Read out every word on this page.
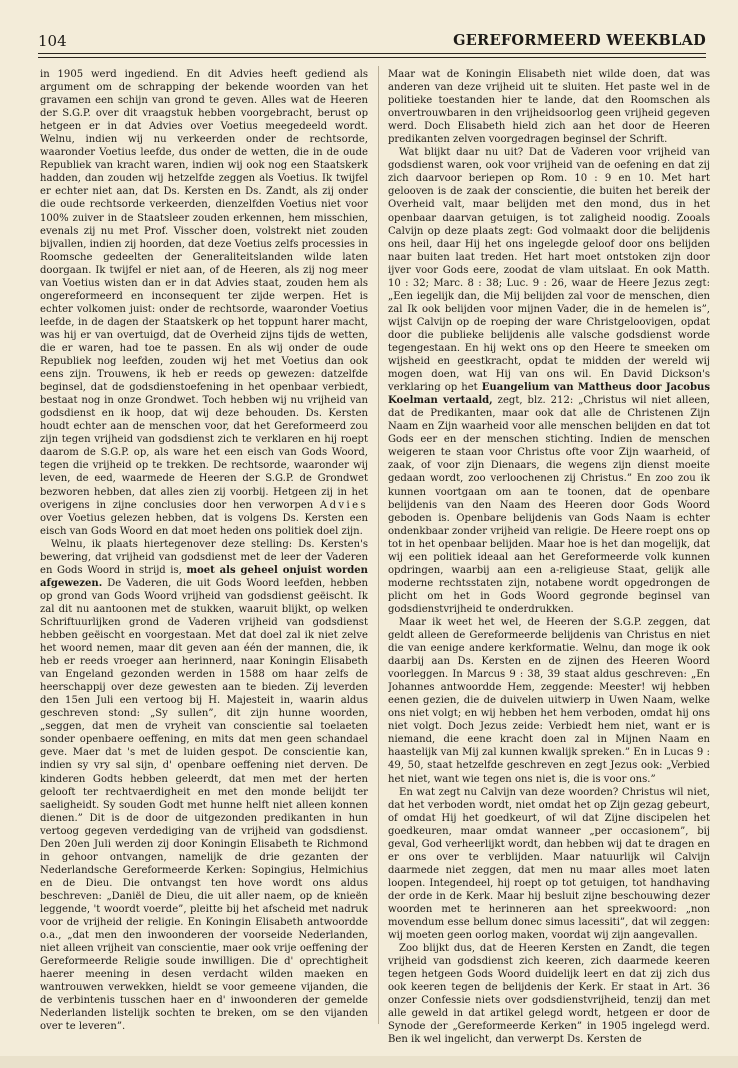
104	GEREFORMEERD WEEKBLAD

in 1905 werd ingediend. En dit Advies heeft gediend als argument om de schrapping der bekende woorden van het gravamen een schijn van grond te geven. Alles wat de Heeren der S.G.P. over dit vraagstuk hebben voorgebracht, berust op hetgeen er in dat Advies over Voetius meegedeeld wordt. Welnu, indien wij nu verkeerden onder de rechtsorde, waaronder Voetius leefde, dus onder de wetten, die in de oude Republiek van kracht waren, indien wij ook nog een Staatskerk hadden, dan zouden wij hetzelfde zeggen als Voetius. Ik twijfel er echter niet aan, dat Ds. Kersten en Ds. Zandt, als zij onder die oude rechtsorde verkeerden, dienzelfden Voetius niet voor 100% zuiver in de Staatsleer zouden erkennen, hem misschien, evenals zij nu met Prof. Visscher doen, volstrekt niet zouden bijvallen, indien zij hoorden, dat deze Voetius zelfs processies in Roomsche gedeelten der Generaliteitslanden wilde laten doorgaan. Ik twijfel er niet aan, of de Heeren, als zij nog meer van Voetius wisten dan er in dat Advies staat, zouden hem als ongereformeerd en inconsequent ter zijde werpen. Het is echter volkomen juist: onder de rechtsorde, waaronder Voetius leefde, in de dagen der Staatskerk op het toppunt harer macht, was hij er van overtuigd, dat de Overheid zijns tijds de wetten, die er waren, had toe te passen. En als wij onder de oude Republiek nog leefden, zouden wij het met Voetius dan ook eens zijn. Trouwens, ik heb er reeds op gewezen: datzelfde beginsel, dat de godsdienstoefening in het openbaar verbiedt, bestaat nog in onze Grondwet. Toch hebben wij nu vrijheid van godsdienst en ik hoop, dat wij deze behouden. Ds. Kersten houdt echter aan de menschen voor, dat het Gereformeerd zou zijn tegen vrijheid van godsdienst zich te verklaren en hij roept daarom de S.G.P. op, als ware het een eisch van Gods Woord, tegen die vrijheid op te trekken. De rechtsorde, waaronder wij leven, de eed, waarmede de Heeren der S.G.P. de Grondwet bezworen hebben, dat alles zien zij voorbij. Hetgeen zij in het overigens in zijne conclusies door hen verworpen Advies over Voetius gelezen hebben, dat is volgens Ds. Kersten een eisch van Gods Woord en dat moet heden ons politiek doel zijn.

Welnu, ik plaats hiertegenover deze stelling: Ds. Kersten's bewering, dat vrijheid van godsdienst met de leer der Vaderen en Gods Woord in strijd is, moet als geheel onjuist worden afgewezen. De Vaderen, die uit Gods Woord leefden, hebben op grond van Gods Woord vrijheid van godsdienst geëischt. Ik zal dit nu aantoonen met de stukken, waaruit blijkt, op welken Schriftuurlijken grond de Vaderen vrijheid van godsdienst hebben geëischt en voorgestaan. Met dat doel zal ik niet zelve het woord nemen, maar dit geven aan één der mannen, die, ik heb er reeds vroeger aan herinnerd, naar Koningin Elisabeth van Engeland gezonden werden in 1588 om haar zelfs de heerschappij over deze gewesten aan te bieden. Zij leverden den 15en Juli een vertoog bij H. Majesteit in, waarin aldus geschreven stond: „Sy sullen”, dit zijn hunne woorden, „seggen, dat men de vryheit van conscientie sal toelaeten sonder openbaere oeffening, en mits dat men geen schandael geve. Maer dat 's met de luiden gespot. De conscientie kan, indien sy vry sal sijn, d' openbare oeffening niet derven. De kinderen Godts hebben geleerdt, dat men met der herten gelooft ter rechtvaerdigheit en met den monde belijdt ter saeligheidt. Sy souden Godt met hunne helft niet alleen konnen dienen.” Dit is de door de uitgezonden predikanten in hun vertoog gegeven verdediging van de vrijheid van godsdienst. Den 20en Juli werden zij door Koningin Elisabeth te Richmond in gehoor ontvangen, namelijk de drie gezanten der Nederlandsche Gereformeerde Kerken: Sopingius, Helmichius en de Dieu. Die ontvangst ten hove wordt ons aldus beschreven: „Daniël de Dieu, die uit aller naem, op de knieën leggende, 't woordt voerde”, pleitte bij het afscheid met nadruk voor de vrijheid der religie. En Koningin Elisabeth antwoordde o.a., „dat men den inwoonderen der voorseide Nederlanden, niet alleen vrijheit van conscientie, maer ook vrije oeffening der Gereformeerde Religie soude inwilligen. Die d' oprechtigheit haerer meening in desen verdacht wilden maeken en wantrouwen verwekken, hieldt se voor gemeene vijanden, die de verbintenis tusschen haer en d' inwoonderen der gemelde Nederlanden listelijk sochten te breken, om se den vijanden over te leveren”.

Maar wat de Koningin Elisabeth niet wilde doen, dat was anderen van deze vrijheid uit te sluiten. Het paste wel in de politieke toestanden hier te lande, dat den Roomschen als onvertrouwbaren in den vrijheidsoorlog geen vrijheid gegeven werd. Doch Elisabeth hield zich aan het door de Heeren predikanten zelven voorgedragen beginsel der Schrift.

Wat blijkt daar nu uit? Dat de Vaderen voor vrijheid van godsdienst waren, ook voor vrijheid van de oefening en dat zij zich daarvoor beriepen op Rom. 10 : 9 en 10. Met hart gelooven is de zaak der conscientie, die buiten het bereik der Overheid valt, maar belijden met den mond, dus in het openbaar daarvan getuigen, is tot zaligheid noodig. Zooals Calvijn op deze plaats zegt: God volmaakt door die belijdenis ons heil, daar Hij het ons ingelegde geloof door ons belijden naar buiten laat treden. Het hart moet ontstoken zijn door ijver voor Gods eere, zoodat de vlam uitslaat. En ook Matth. 10 : 32; Marc. 8 : 38; Luc. 9 : 26, waar de Heere Jezus zegt: „Een iegelijk dan, die Mij belijden zal voor de menschen, dien zal Ik ook belijden voor mijnen Vader, die in de hemelen is”, wijst Calvijn op de roeping der ware Christgeloovigen, opdat door die publieke belijdenis alle valsche godsdienst worde tegengestaan. En hij wekt ons op den Heere te smeeken om wijsheid en geestkracht, opdat te midden der wereld wij mogen doen, wat Hij van ons wil. En David Dickson's verklaring op het Euangelium van Mattheus door Jacobus Koelman vertaald, zegt, blz. 212: „Christus wil niet alleen, dat de Predikanten, maar ook dat alle de Christenen Zijn Naam en Zijn waarheid voor alle menschen belijden en dat tot Gods eer en der menschen stichting. Indien de menschen weigeren te staan voor Christus ofte voor Zijn waarheid, of zaak, of voor zijn Dienaars, die wegens zijn dienst moeite gedaan wordt, zoo verloochenen zij Christus.” En zoo zou ik kunnen voortgaan om aan te toonen, dat de openbare belijdenis van den Naam des Heeren door Gods Woord geboden is. Openbare belijdenis van Gods Naam is echter ondenkbaar zonder vrijheid van religie. De Heere roept ons op tot in het openbaar belijden. Maar hoe is het dan mogelijk, dat wij een politiek ideaal aan het Gereformeerde volk kunnen opdringen, waarbij aan een a-religieuse Staat, gelijk alle moderne rechtsstaten zijn, notabene wordt opgedrongen de plicht om het in Gods Woord gegronde beginsel van godsdienstvrijheid te onderdrukken.

Maar ik weet het wel, de Heeren der S.G.P. zeggen, dat geldt alleen de Gereformeerde belijdenis van Christus en niet die van eenige andere kerkformatie. Welnu, dan moge ik ook daarbij aan Ds. Kersten en de zijnen des Heeren Woord voorleggen. In Marcus 9 : 38, 39 staat aldus geschreven: „En Johannes antwoordde Hem, zeggende: Meester! wij hebben eenen gezien, die de duivelen uitwierp in Uwen Naam, welke ons niet volgt; en wij hebben het hem verboden, omdat hij ons niet volgt. Doch Jezus zeide: Verbiedt hem niet, want er is niemand, die eene kracht doen zal in Mijnen Naam en haastelijk van Mij zal kunnen kwalijk spreken.” En in Lucas 9 : 49, 50, staat hetzelfde geschreven en zegt Jezus ook: „Verbied het niet, want wie tegen ons niet is, die is voor ons.”

En wat zegt nu Calvijn van deze woorden? Christus wil niet, dat het verboden wordt, niet omdat het op Zijn gezag gebeurt, of omdat Hij het goedkeurt, of wil dat Zijne discipelen het goedkeuren, maar omdat wanneer „per occasionem”, bij geval, God verheerlijkt wordt, dan hebben wij dat te dragen en er ons over te verblijden. Maar natuurlijk wil Calvijn daarmede niet zeggen, dat men nu maar alles moet laten loopen. Integendeel, hij roept op tot getuigen, tot handhaving der orde in de Kerk. Maar hij besluit zijne beschouwing dezer woorden met te herinneren aan het spreekwoord: „non movendum esse bellum donec simus lacessiti”, dat wil zeggen: wij moeten geen oorlog maken, voordat wij zijn aangevallen.

Zoo blijkt dus, dat de Heeren Kersten en Zandt, die tegen vrijheid van godsdienst zich keeren, zich daarmede keeren tegen hetgeen Gods Woord duidelijk leert en dat zij zich dus ook keeren tegen de belijdenis der Kerk. Er staat in Art. 36 onzer Confessie niets over godsdienstvrijheid, tenzij dan met alle geweld in dat artikel gelegd wordt, hetgeen er door de Synode der „Gereformeerde Kerken” in 1905 ingelegd werd. Ben ik wel ingelicht, dan verwerpt Ds. Kersten de
